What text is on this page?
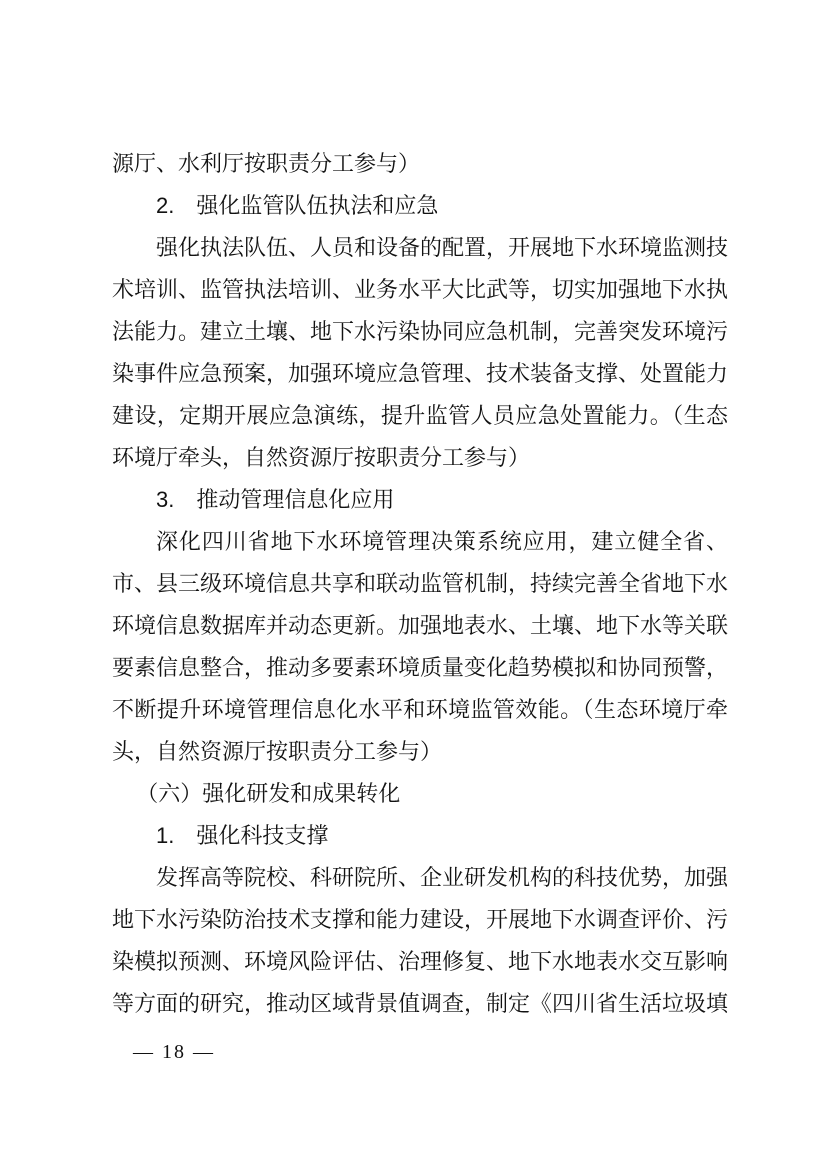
源厅、水利厅按职责分工参与）

2.　强化监管队伍执法和应急

强化执法队伍、人员和设备的配置，开展地下水环境监测技术培训、监管执法培训、业务水平大比武等，切实加强地下水执法能力。建立土壤、地下水污染协同应急机制，完善突发环境污染事件应急预案，加强环境应急管理、技术装备支撑、处置能力建设，定期开展应急演练，提升监管人员应急处置能力。（生态环境厅牵头，自然资源厅按职责分工参与）

3.　推动管理信息化应用

深化四川省地下水环境管理决策系统应用，建立健全省、市、县三级环境信息共享和联动监管机制，持续完善全省地下水环境信息数据库并动态更新。加强地表水、土壤、地下水等关联要素信息整合，推动多要素环境质量变化趋势模拟和协同预警，不断提升环境管理信息化水平和环境监管效能。（生态环境厅牵头，自然资源厅按职责分工参与）

（六）强化研发和成果转化
1.　强化科技支撑

发挥高等院校、科研院所、企业研发机构的科技优势，加强地下水污染防治技术支撑和能力建设，开展地下水调查评价、污染模拟预测、环境风险评估、治理修复、地下水地表水交互影响等方面的研究，推动区域背景值调查，制定《四川省生活垃圾填

— 18 —
